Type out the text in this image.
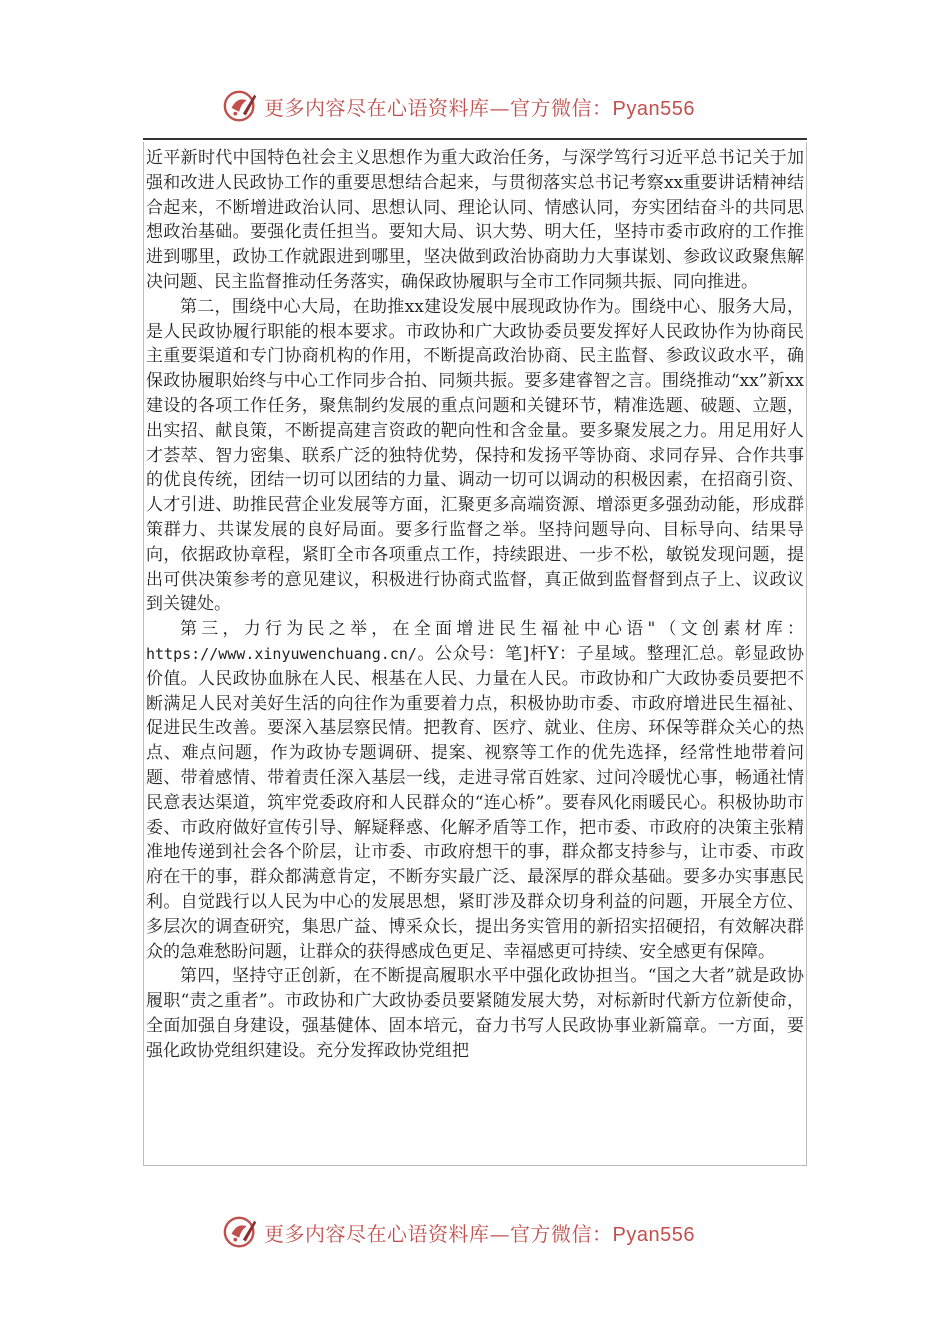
更多内容尽在心语资料库—官方微信：Pyan556

近平新时代中国特色社会主义思想作为重大政治任务，与深学笃行习近平总书记关于加强和改进人民政协工作的重要思想结合起来，与贯彻落实总书记考察xx重要讲话精神结合起来，不断增进政治认同、思想认同、理论认同、情感认同，夯实团结奋斗的共同思想政治基础。要强化责任担当。要知大局、识大势、明大任，坚持市委市政府的工作推进到哪里，政协工作就跟进到哪里，坚决做到政治协商助力大事谋划、参政议政聚焦解决问题、民主监督推动任务落实，确保政协履职与全市工作同频共振、同向推进。

第二，围绕中心大局，在助推xx建设发展中展现政协作为。围绕中心、服务大局，是人民政协履行职能的根本要求。市政协和广大政协委员要发挥好人民政协作为协商民主重要渠道和专门协商机构的作用，不断提高政治协商、民主监督、参政议政水平，确保政协履职始终与中心工作同步合拍、同频共振。要多建睿智之言。围绕推动“xx”新xx建设的各项工作任务，聚焦制约发展的重点问题和关键环节，精准选题、破题、立题，出实招、献良策，不断提高建言资政的靶向性和含金量。要多聚发展之力。用足用好人才荟萃、智力密集、联系广泛的独特优势，保持和发扬平等协商、求同存异、合作共事的优良传统，团结一切可以团结的力量、调动一切可以调动的积极因素，在招商引资、人才引进、助推民营企业发展等方面，汇聚更多高端资源、增添更多强劲动能，形成群策群力、共谋发展的良好局面。要多行监督之举。坚持问题导向、目标导向、结果导向，依据政协章程，紧盯全市各项重点工作，持续跟进、一步不松，敏锐发现问题，提出可供决策参考的意见建议，积极进行协商式监督，真正做到监督督到点子上、议政议到关键处。

第三，力行为民之举，在全面增进民生福祉中心语"（文创素材库：https://www.xinyuwenchuang.cn/。公众号：笔]杆Y：子星域。整理汇总。彰显政协价值。人民政协血脉在人民、根基在人民、力量在人民。市政协和广大政协委员要把不断满足人民对美好生活的向往作为重要着力点，积极协助市委、市政府增进民生福祉、促进民生改善。要深入基层察民情。把教育、医疗、就业、住房、环保等群众关心的热点、难点问题，作为政协专题调研、提案、视察等工作的优先选择，经常性地带着问题、带着感情、带着责任深入基层一线，走进寻常百姓家、过问冷暖忧心事，畅通社情民意表达渠道，筑牢党委政府和人民群众的“连心桥”。要春风化雨暖民心。积极协助市委、市政府做好宣传引导、解疑释惑、化解矛盾等工作，把市委、市政府的决策主张精准地传递到社会各个阶层，让市委、市政府想干的事，群众都支持参与，让市委、市政府在干的事，群众都满意肯定，不断夯实最广泛、最深厚的群众基础。要多办实事惠民利。自觉践行以人民为中心的发展思想，紧盯涉及群众切身利益的问题，开展全方位、多层次的调查研究，集思广益、博采众长，提出务实管用的新招实招硬招，有效解决群众的急难愁盼问题，让群众的获得感成色更足、幸福感更可持续、安全感更有保障。

第四，坚持守正创新，在不断提高履职水平中强化政协担当。“国之大者”就是政协履职“责之重者”。市政协和广大政协委员要紧随发展大势，对标新时代新方位新使命，全面加强自身建设，强基健体、固本培元，奋力书写人民政协事业新篇章。一方面，要强化政协党组织建设。充分发挥政协党组把

更多内容尽在心语资料库—官方微信：Pyan556
